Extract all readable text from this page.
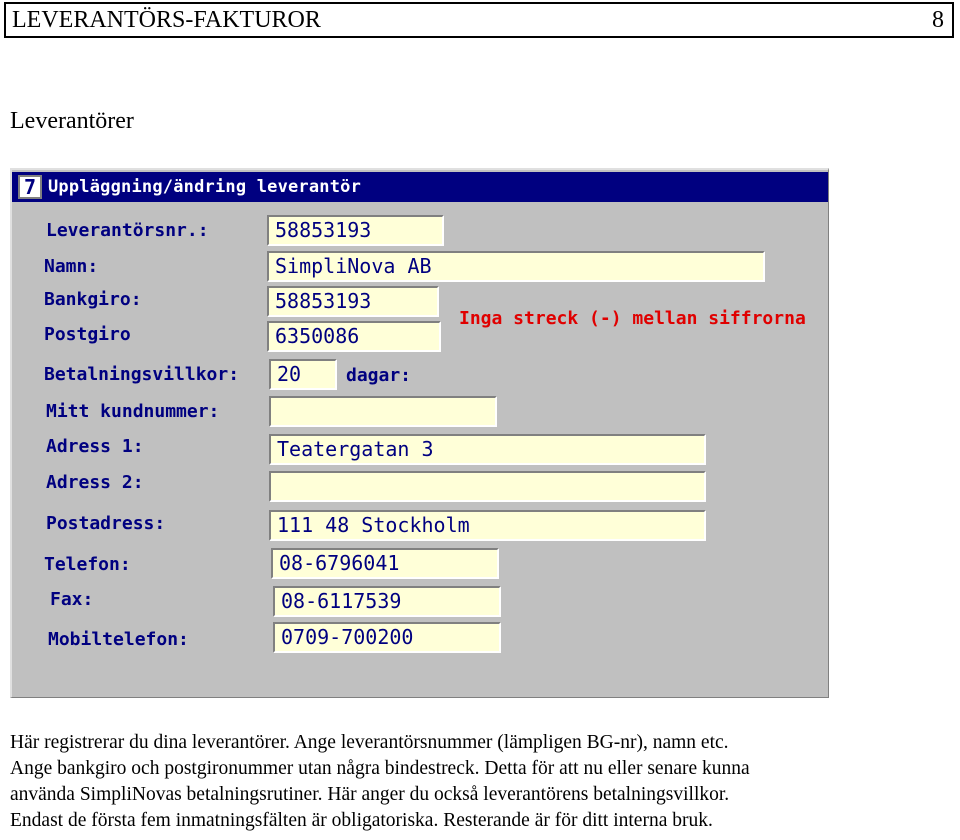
LEVERANTÖRS-FAKTUROR	8
Leverantörer
7 Uppläggning/ändring leverantör
Leverantörsnr.:	58853193
Namn:	SimpliNova AB
Bankgiro:	58853193
Postgiro	6350086
Inga streck (-) mellan siffrorna
Betalningsvillkor:	20	dagar:
Mitt kundnummer:
Adress 1:	Teatergatan 3
Adress 2:
Postadress:	111 48 Stockholm
Telefon:	08-6796041
Fax:	08-6117539
Mobiltelefon:	0709-700200

Här registrerar du dina leverantörer. Ange leverantörsnummer (lämpligen BG-nr), namn etc.

Ange bankgiro och postgironummer utan några bindestreck. Detta för att nu eller senare kunna

använda SimpliNovas betalningsrutiner. Här anger du också leverantörens betalningsvillkor.

Endast de första fem inmatningsfälten är obligatoriska. Resterande är för ditt interna bruk.
